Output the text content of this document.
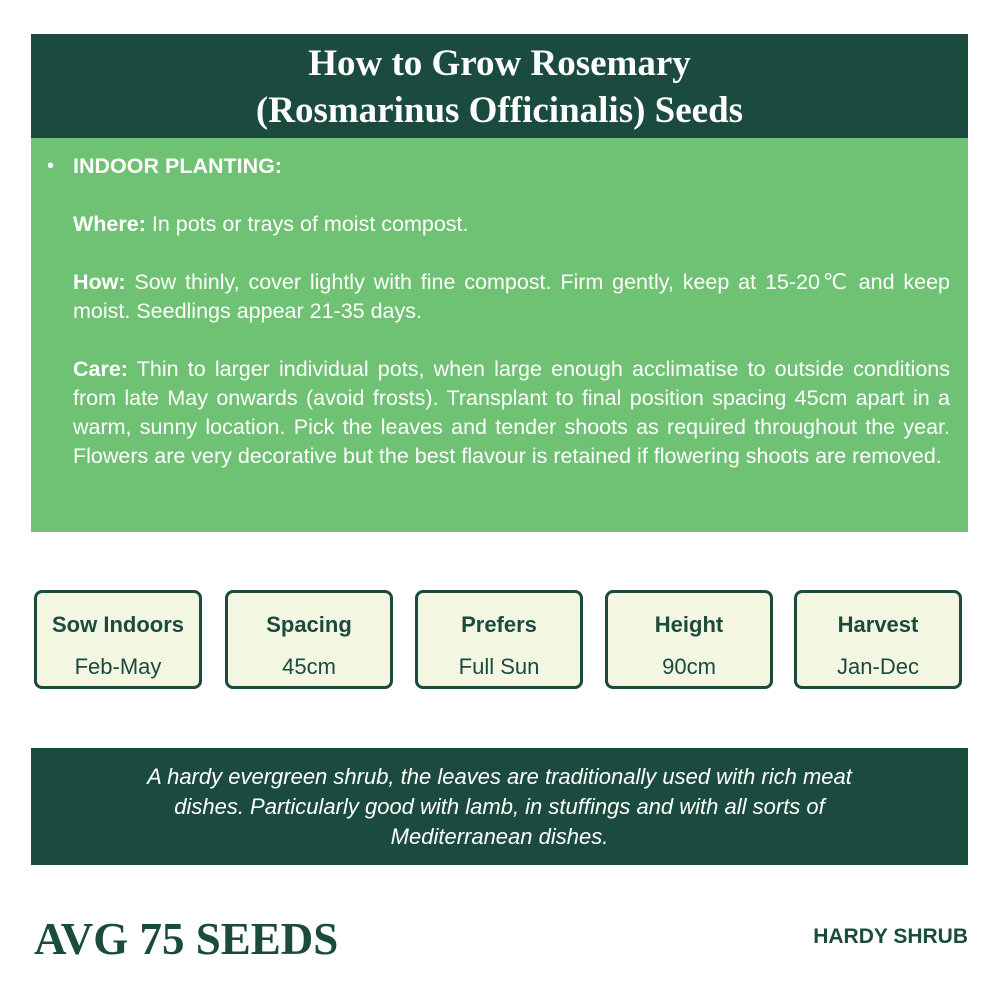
How to Grow Rosemary
(Rosmarinus Officinalis) Seeds
• INDOOR PLANTING:

Where: In pots or trays of moist compost.

How: Sow thinly, cover lightly with fine compost. Firm gently, keep at 15-20℃ and keep moist. Seedlings appear 21-35 days.

Care: Thin to larger individual pots, when large enough acclimatise to outside conditions from late May onwards (avoid frosts). Transplant to final position spacing 45cm apart in a warm, sunny location. Pick the leaves and tender shoots as required throughout the year. Flowers are very decorative but the best flavour is retained if flowering shoots are removed.

Sow Indoors
Feb-May
Spacing
45cm
Prefers
Full Sun
Height
90cm
Harvest
Jan-Dec
A hardy evergreen shrub, the leaves are traditionally used with rich meat
dishes. Particularly good with lamb, in stuffings and with all sorts of
Mediterranean dishes.
AVG 75 SEEDS	HARDY SHRUB
